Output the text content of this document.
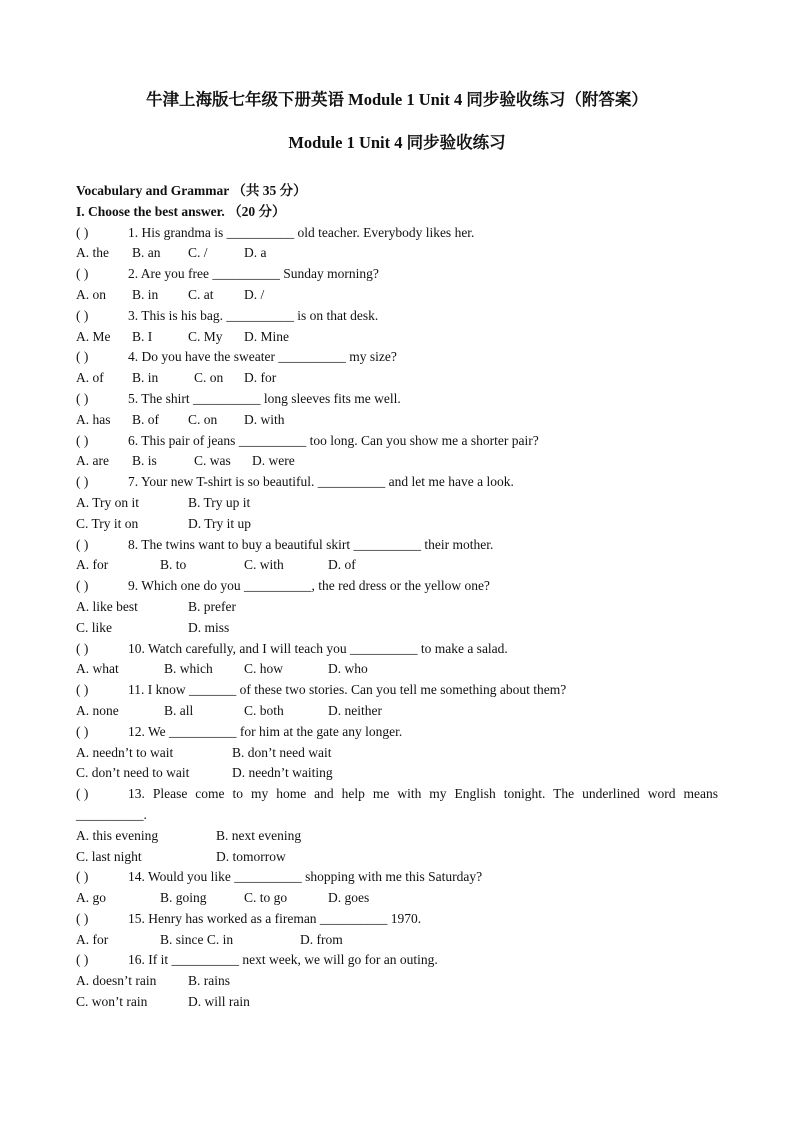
牛津上海版七年级下册英语 Module 1 Unit 4 同步验收练习（附答案）
Module 1 Unit 4 同步验收练习
Vocabulary and Grammar （共 35 分）
I. Choose the best answer. （20 分）
( )	1. His grandma is __________ old teacher. Everybody likes her.
A. the B. an C. /	D. a
( )	2. Are you free __________ Sunday morning?
A. on B. in C. at D. /
( )	3. This is his bag. __________ is on that desk.
A. Me B. I	C. My D. Mine
( )	4. Do you have the sweater __________ my size?
A. of B. in	C. on D. for
( )	5. The shirt __________ long sleeves fits me well.
A. has B. of C. on D. with
( )	6. This pair of jeans __________ too long. Can you show me a shorter pair?
A. are B. is	C. was D. were
( )	7. Your new T-shirt is so beautiful. __________ and let me have a look.
A. Try on it	B. Try up it
C. Try it on	D. Try it up
( )	8. The twins want to buy a beautiful skirt __________ their mother.
A. for	B. to	C. with	D. of
( )	9. Which one do you __________, the red dress or the yellow one?
A. like best	B. prefer
C. like	D. miss
( )	10. Watch carefully, and I will teach you __________ to make a salad.
A. what	B. which C. how	D. who
( )	11. I know _______ of these two stories. Can you tell me something about them?
A. none	B. all	C. both	D. neither
( )	12. We __________ for him at the gate any longer.
A. needn’t to wait	B. don’t need wait
C. don’t need to wait	D. needn’t waiting
( )	13. Please come to my home and help me with my English tonight. The underlined word means __________.
A. this evening	B. next evening
C. last night	D. tomorrow
( )	14. Would you like __________ shopping with me this Saturday?
A. go	B. going	C. to go	D. goes
( )	15. Henry has worked as a fireman __________ 1970.
A. for	B. since C. in	D. from
( )	16. If it __________ next week, we will go for an outing.
A. doesn’t rain B. rains
C. won’t rain	D. will rain
